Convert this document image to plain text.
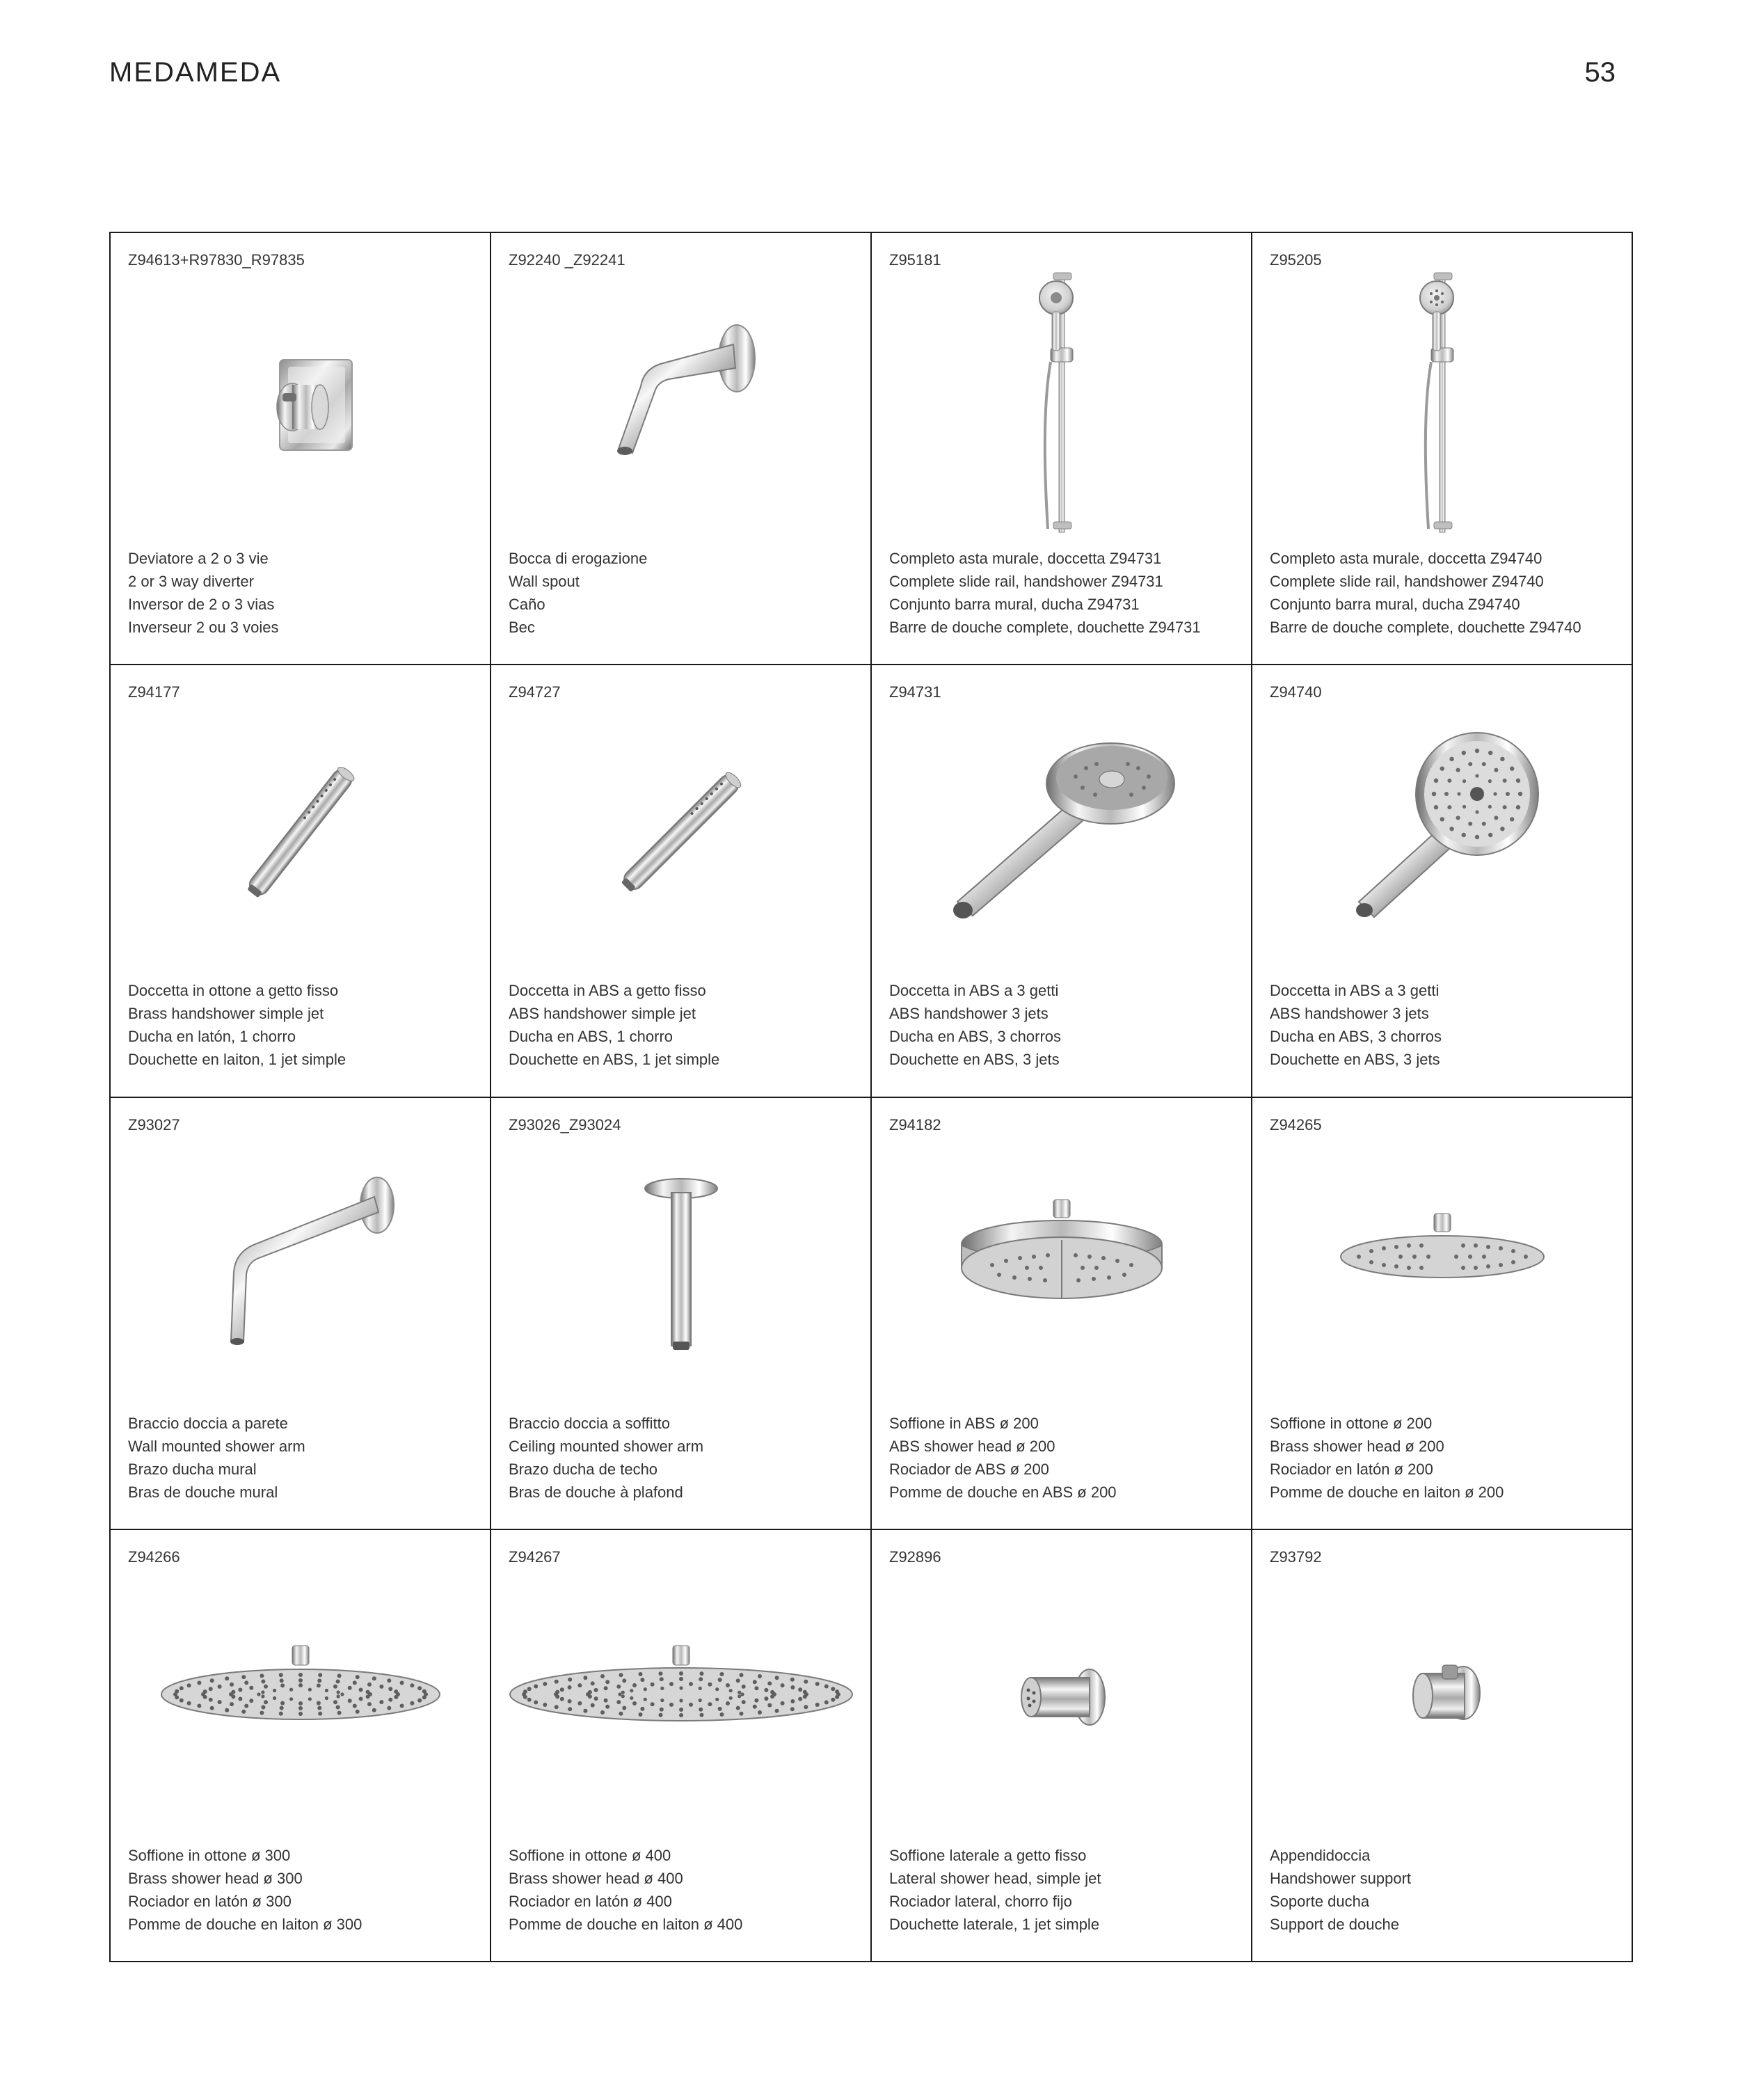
MEDAMEDA	53
Z94613+R97830_R97835
Deviatore a 2 o 3 vie
2 or 3 way diverter
Inversor de 2 o 3 vias
Inverseur 2 ou 3 voies
Z92240 _Z92241
Bocca di erogazione
Wall spout
Caño
Bec
Z95181
Completo asta murale, doccetta Z94731
Complete slide rail, handshower Z94731
Conjunto barra mural, ducha Z94731
Barre de douche complete, douchette Z94731
Z95205
Completo asta murale, doccetta Z94740
Complete slide rail, handshower Z94740
Conjunto barra mural, ducha Z94740
Barre de douche complete, douchette Z94740
Z94177
Doccetta in ottone a getto fisso
Brass handshower simple jet
Ducha en latón, 1 chorro
Douchette en laiton, 1 jet simple
Z94727
Doccetta in ABS a getto fisso
ABS handshower simple jet
Ducha en ABS, 1 chorro
Douchette en ABS, 1 jet simple
Z94731
Doccetta in ABS a 3 getti
ABS handshower 3 jets
Ducha en ABS, 3 chorros
Douchette en ABS, 3 jets
Z94740
Doccetta in ABS a 3 getti
ABS handshower 3 jets
Ducha en ABS, 3 chorros
Douchette en ABS, 3 jets
Z93027
Braccio doccia a parete
Wall mounted shower arm
Brazo ducha mural
Bras de douche mural
Z93026_Z93024
Braccio doccia a soffitto
Ceiling mounted shower arm
Brazo ducha de techo
Bras de douche à plafond
Z94182
Soffione in ABS ø 200
ABS shower head ø 200
Rociador de ABS ø 200
Pomme de douche en ABS ø 200
Z94265
Soffione in ottone ø 200
Brass shower head ø 200
Rociador en latón ø 200
Pomme de douche en laiton ø 200
Z94266
Soffione in ottone ø 300
Brass shower head ø 300
Rociador en latón ø 300
Pomme de douche en laiton ø 300
Z94267
Soffione in ottone ø 400
Brass shower head ø 400
Rociador en latón ø 400
Pomme de douche en laiton ø 400
Z92896
Soffione laterale a getto fisso
Lateral shower head, simple jet
Rociador lateral, chorro fijo
Douchette laterale, 1 jet simple
Z93792
Appendidoccia
Handshower support
Soporte ducha
Support de douche
